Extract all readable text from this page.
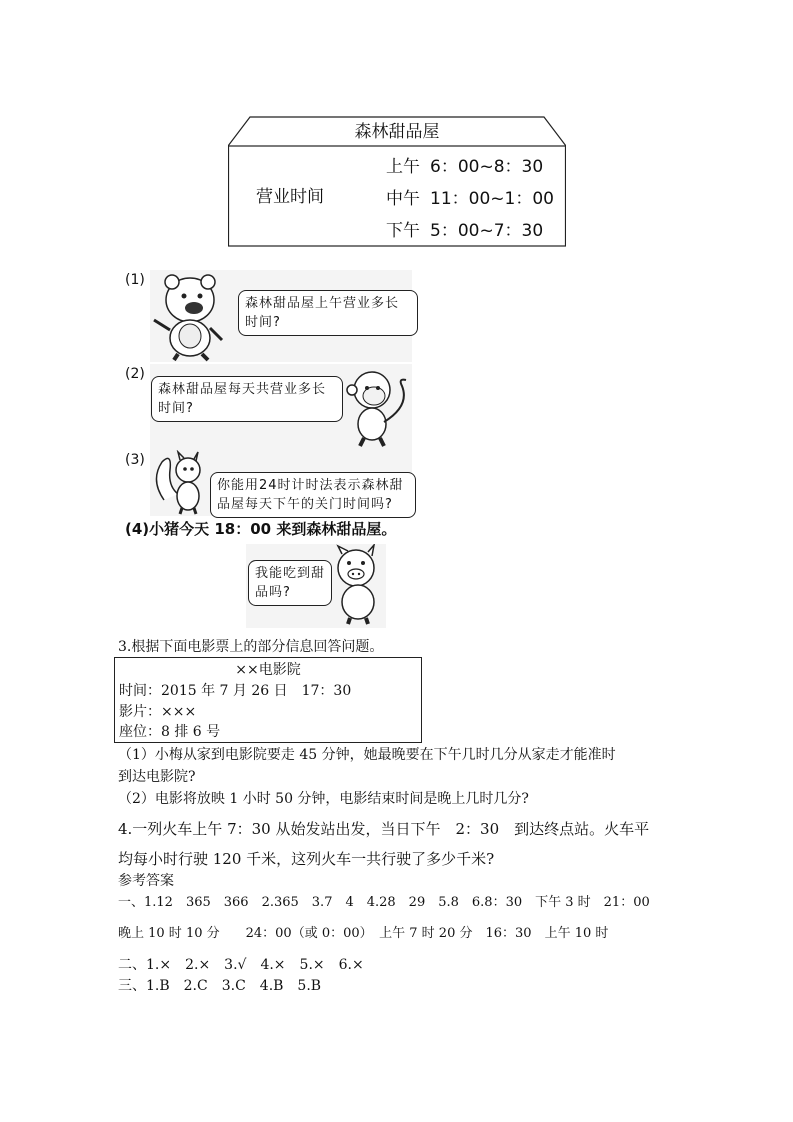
森林甜品屋
营业时间
上午 6：00~8：30
中午 11：00~1：00
下午 5：00~7：30
(1)
森林甜品屋上午营业多长时间?
(2)
森林甜品屋每天共营业多长时间?
(3)
你能用24时计时法表示森林甜品屋每天下午的关门时间吗?
(4)小猪今天 18：00 来到森林甜品屋。
我能吃到甜品吗?
3.根据下面电影票上的部分信息回答问题。
××电影院
时间：2015 年 7 月 26 日　17：30
影片：×××
座位：8 排 6 号
（1）小梅从家到电影院要走 45 分钟，她最晚要在下午几时几分从家走才能准时
到达电影院?
（2）电影将放映 1 小时 50 分钟，电影结束时间是晚上几时几分?
4.一列火车上午 7：30 从始发站出发，当日下午　2：30　到达终点站。火车平
均每小时行驶 120 千米，这列火车一共行驶了多少千米?
参考答案
一、1.12　365　366　2.365　3.7　4　4.28　29　5.8　6.8：30　下午 3 时　21：00
晚上 10 时 10 分　　24：00（或 0：00）　上午 7 时 20 分　16：30　上午 10 时
二、1.×　2.×　3.√　4.×　5.×　6.×
三、1.B　2.C　3.C　4.B　5.B
